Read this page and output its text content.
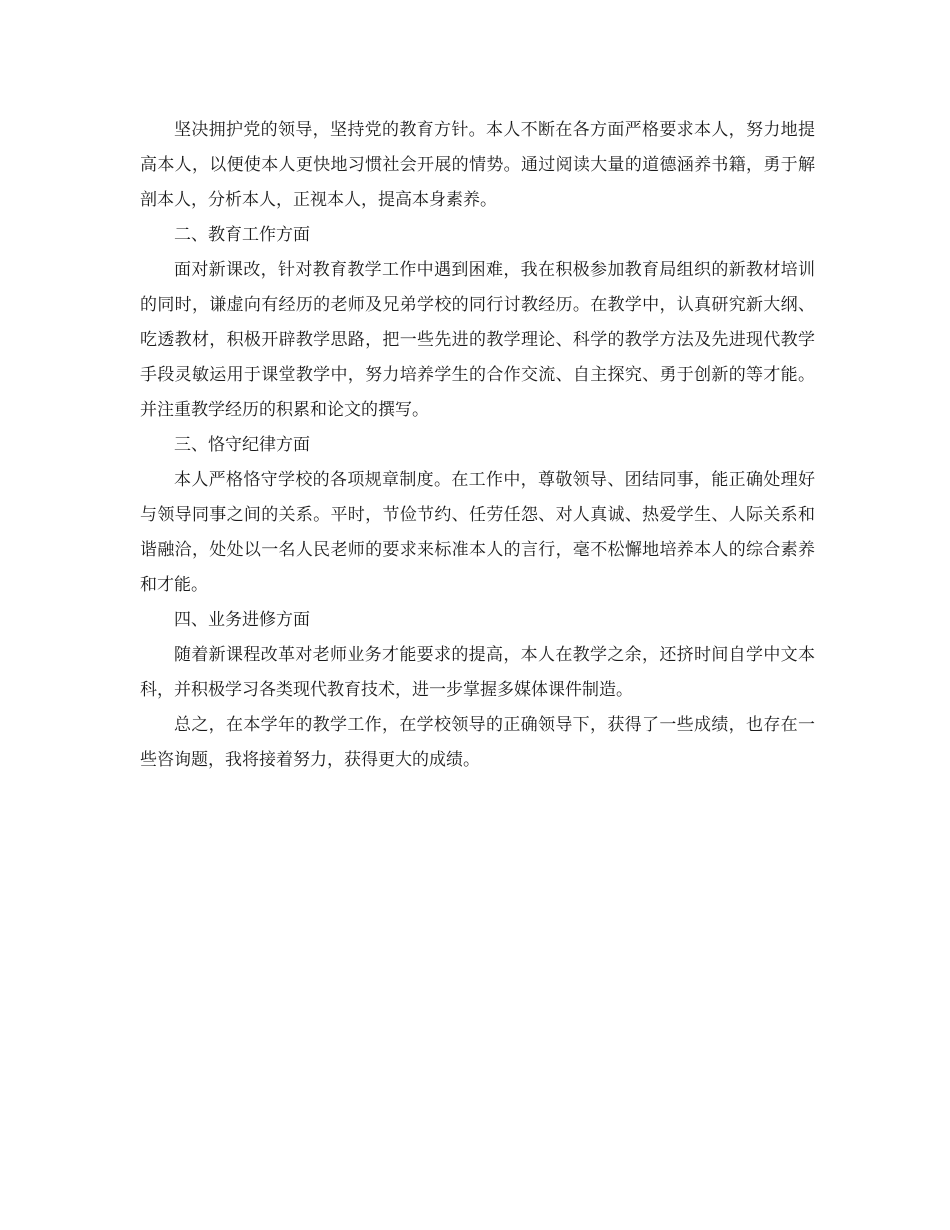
坚决拥护党的领导，坚持党的教育方针。本人不断在各方面严格要求本人，努力地提高本人，以便使本人更快地习惯社会开展的情势。通过阅读大量的道德涵养书籍，勇于解剖本人，分析本人，正视本人，提高本身素养。

二、教育工作方面

面对新课改，针对教育教学工作中遇到困难，我在积极参加教育局组织的新教材培训的同时，谦虚向有经历的老师及兄弟学校的同行讨教经历。在教学中，认真研究新大纲、吃透教材，积极开辟教学思路，把一些先进的教学理论、科学的教学方法及先进现代教学手段灵敏运用于课堂教学中，努力培养学生的合作交流、自主探究、勇于创新的等才能。并注重教学经历的积累和论文的撰写。

三、恪守纪律方面

本人严格恪守学校的各项规章制度。在工作中，尊敬领导、团结同事，能正确处理好与领导同事之间的关系。平时，节俭节约、任劳任怨、对人真诚、热爱学生、人际关系和谐融洽，处处以一名人民老师的要求来标准本人的言行，毫不松懈地培养本人的综合素养和才能。

四、业务进修方面

随着新课程改革对老师业务才能要求的提高，本人在教学之余，还挤时间自学中文本科，并积极学习各类现代教育技术，进一步掌握多媒体课件制造。

总之，在本学年的教学工作，在学校领导的正确领导下，获得了一些成绩，也存在一些咨询题，我将接着努力，获得更大的成绩。
